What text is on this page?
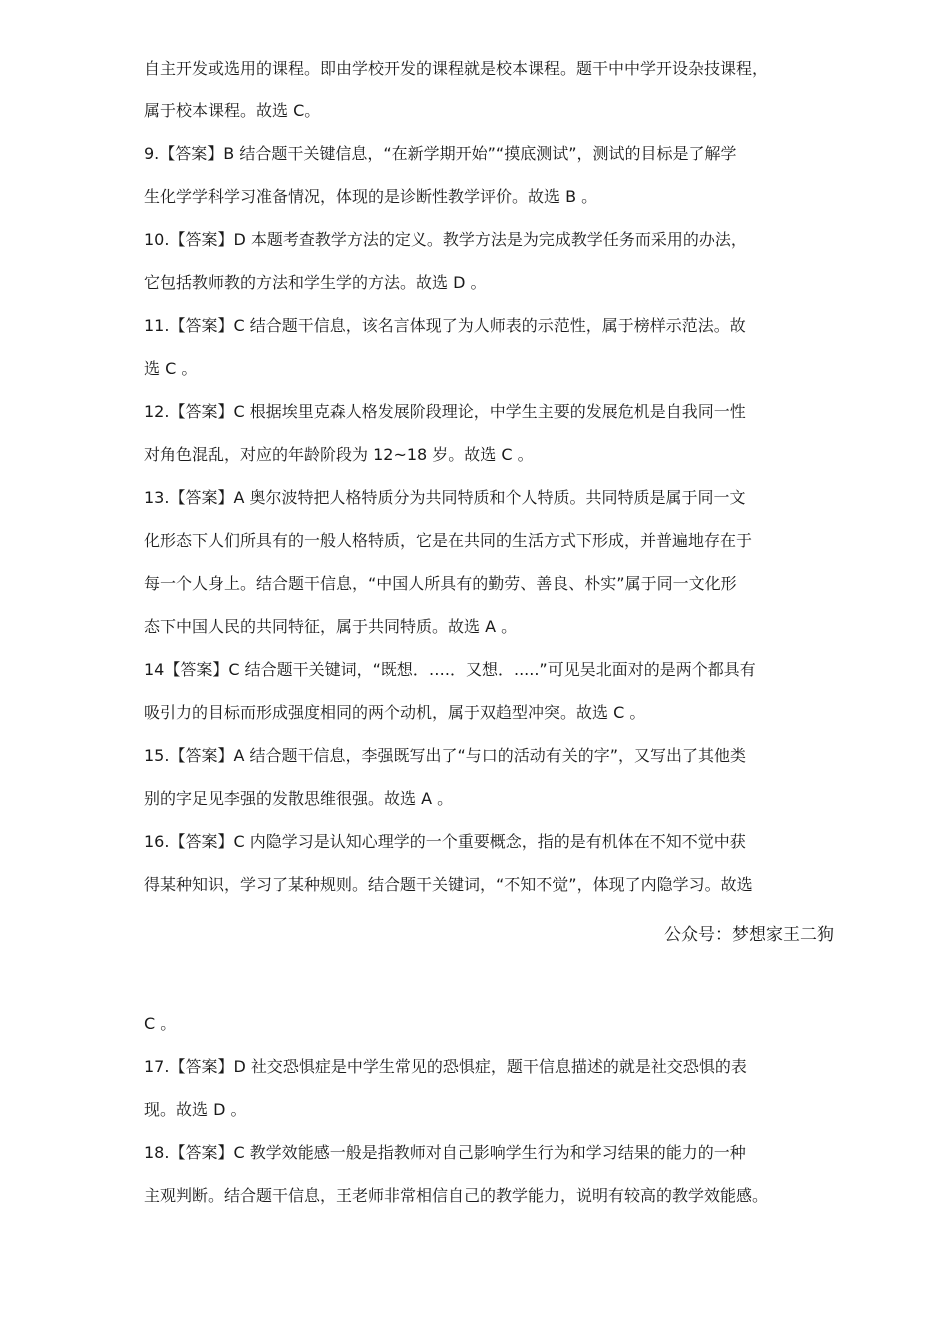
自主开发或选用的课程。即由学校开发的课程就是校本课程。题干中中学开设杂技课程，
属于校本课程。故选 C。
9.【答案】B 结合题干关键信息，“在新学期开始”“摸底测试”，测试的目标是了解学
生化学学科学习准备情况，体现的是诊断性教学评价。故选 B 。
10.【答案】D 本题考查教学方法的定义。教学方法是为完成教学任务而采用的办法，
它包括教师教的方法和学生学的方法。故选 D 。
11.【答案】C 结合题干信息，该名言体现了为人师表的示范性，属于榜样示范法。故
选 C 。
12.【答案】C 根据埃里克森人格发展阶段理论，中学生主要的发展危机是自我同一性
对角色混乱，对应的年龄阶段为 12~18 岁。故选 C 。
13.【答案】A 奥尔波特把人格特质分为共同特质和个人特质。共同特质是属于同一文
化形态下人们所具有的一般人格特质，它是在共同的生活方式下形成，并普遍地存在于
每一个人身上。结合题干信息，“中国人所具有的勤劳、善良、朴实”属于同一文化形
态下中国人民的共同特征，属于共同特质。故选 A 。
14【答案】C 结合题干关键词，“既想．….．又想．.....”可见吴北面对的是两个都具有
吸引力的目标而形成强度相同的两个动机，属于双趋型冲突。故选 C 。
15.【答案】A 结合题干信息，李强既写出了“与口的活动有关的字”，又写出了其他类
别的字足见李强的发散思维很强。故选 A 。
16.【答案】C 内隐学习是认知心理学的一个重要概念，指的是有机体在不知不觉中获
得某种知识，学习了某种规则。结合题干关键词，“不知不觉”，体现了内隐学习。故选
公众号：梦想家王二狗
C 。
17.【答案】D 社交恐惧症是中学生常见的恐惧症，题干信息描述的就是社交恐惧的表
现。故选 D 。
18.【答案】C 教学效能感一般是指教师对自己影响学生行为和学习结果的能力的一种
主观判断。结合题干信息，王老师非常相信自己的教学能力，说明有较高的教学效能感。
